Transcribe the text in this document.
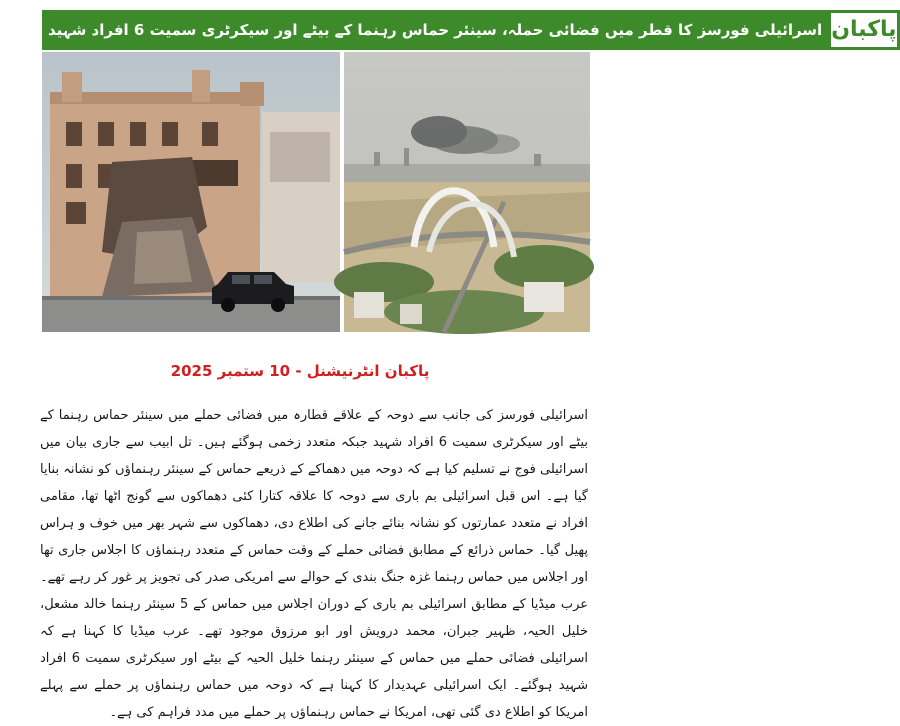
اسرائیلی فورسز کا قطر میں فضائی حملہ، سینئر حماس رہنما کے بیٹے اور سیکرٹری سمیت 6 افراد شہید پاکبان
پاکبان انٹرنیشنل - 10 ستمبر 2025
اسرائیلی فورسز کی جانب سے دوحہ کے علاقے قطارہ میں فضائی حملے میں سینئر حماس رہنما کے بیٹے اور سیکرٹری سمیت 6 افراد شہید جبکہ متعدد زخمی ہوگئے ہیں۔ تل ابیب سے جاری بیان میں اسرائیلی فوج نے تسلیم کیا ہے کہ دوحہ میں دھماکے کے ذریعے حماس کے سینئر رہنماؤں کو نشانہ بنایا گیا ہے۔ اس قبل اسرائیلی بم باری سے دوحہ کا علاقہ کتارا کئی دھماکوں سے گونج اٹھا تھا، مقامی افراد نے متعدد عمارتوں کو نشانہ بنائے جانے کی اطلاع دی، دھماکوں سے شہر بھر میں خوف و ہراس پھیل گیا۔ حماس ذرائع کے مطابق فضائی حملے کے وقت حماس کے متعدد رہنماؤں کا اجلاس جاری تھا اور اجلاس میں حماس رہنما غزہ جنگ بندی کے حوالے سے امریکی صدر کی تجویز پر غور کر رہے تھے۔ عرب میڈیا کے مطابق اسرائیلی بم باری کے دوران اجلاس میں حماس کے 5 سینئر رہنما خالد مشعل، خلیل الحیہ، ظہیر جبران، محمد درویش اور ابو مرزوق موجود تھے۔ عرب میڈیا کا کہنا ہے کہ اسرائیلی فضائی حملے میں حماس کے سینئر رہنما خلیل الحیہ کے بیٹے اور سیکرٹری سمیت 6 افراد شہید ہوگئے۔ ایک اسرائیلی عہدیدار کا کہنا ہے کہ دوحہ میں حماس رہنماؤں پر حملے سے پہلے امریکا کو اطلاع دی گئی تھی، امریکا نے حماس رہنماؤں پر حملے میں مدد فراہم کی ہے۔
